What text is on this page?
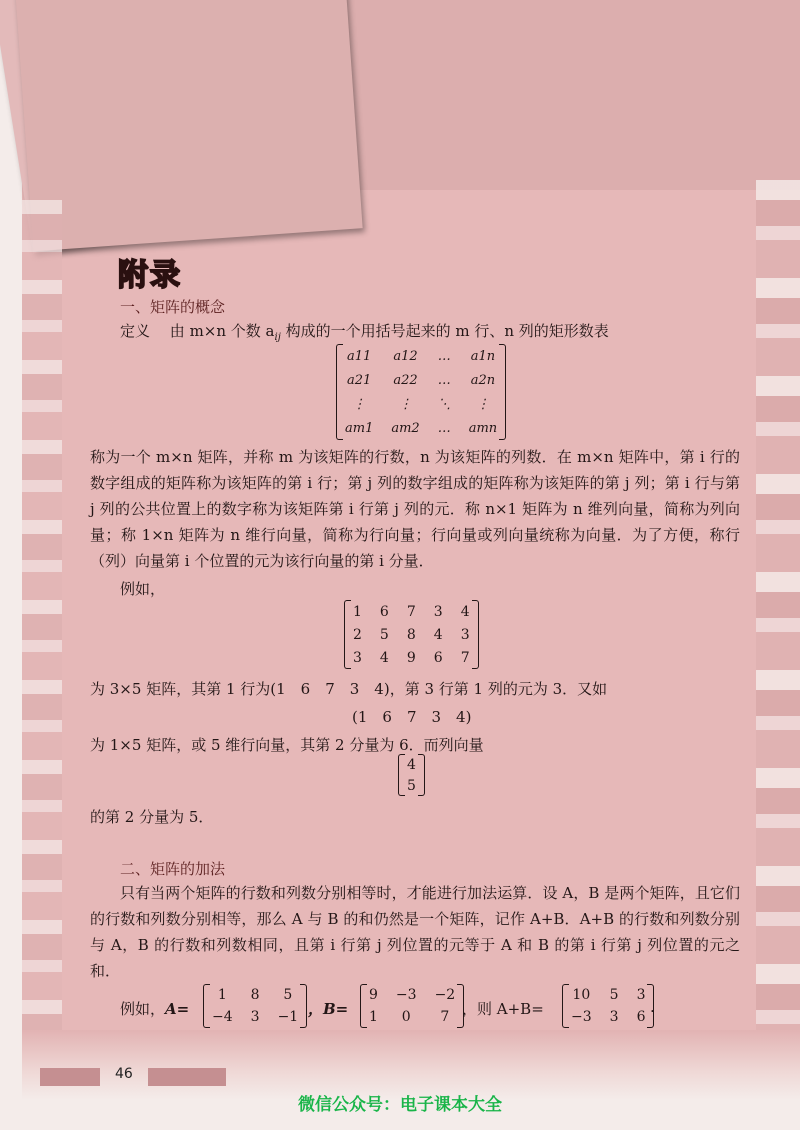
附录
一、矩阵的概念
定义　 由 m×n 个数 $a_{ij}$ 构成的一个用括号起来的 m 行、n 列的矩形数表
a11	a12	…	a1n
a21	a22	…	a2n
⋮	⋮	⋱	⋮
am1	am2	…	amn
称为一个 m×n 矩阵，并称 m 为该矩阵的行数，n 为该矩阵的列数．在 m×n 矩阵中，第 i 行的数字组成的矩阵称为该矩阵的第 i 行；第 j 列的数字组成的矩阵称为该矩阵的第 j 列；第 i 行与第 j 列的公共位置上的数字称为该矩阵第 i 行第 j 列的元．称 n×1 矩阵为 n 维列向量，简称为列向量；称 1×n 矩阵为 n 维行向量，简称为行向量；行向量或列向量统称为向量．为了方便，称行（列）向量第 i 个位置的元为该行向量的第 i 分量．
例如，
1	6	7	3	4
2	5	8	4	3
3	4	9	6	7
为 3×5 矩阵，其第 1 行为(1　6　7　3　4)，第 3 行第 1 列的元为 3．又如
(1　6　7　3　4)
为 1×5 矩阵，或 5 维行向量，其第 2 分量为 6．而列向量
4
5
的第 2 分量为 5．
二、矩阵的加法
只有当两个矩阵的行数和列数分别相等时，才能进行加法运算．设 A，B 是两个矩阵，且它们的行数和列数分别相等，那么 A 与 B 的和仍然是一个矩阵，记作 A+B．A+B 的行数和列数分别与 A，B 的行数和列数相同，且第 i 行第 j 列位置的元等于 A 和 B 的第 i 行第 j 列位置的元之和．
例如，A=
1	8	5
−4	3	−1 ，B=
9	−3	−2
1	0	7 ，则 A+B=
10	5	3
−3	3	6
.
46
微信公众号：电子课本大全
